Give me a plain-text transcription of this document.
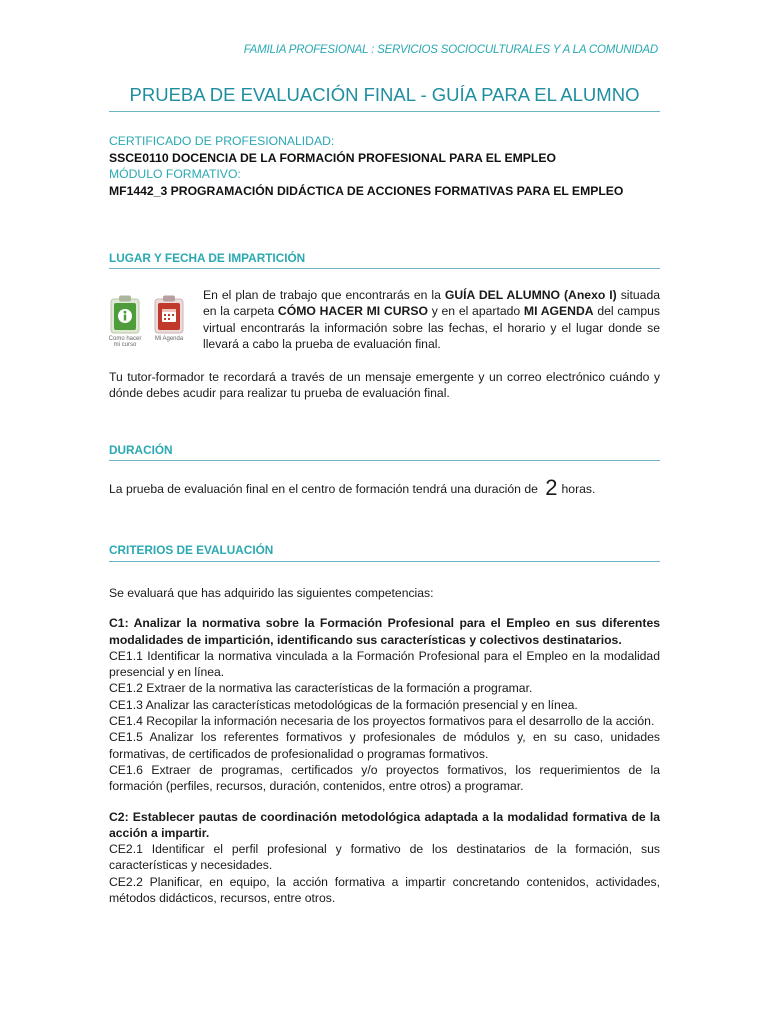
FAMILIA PROFESIONAL : SERVICIOS SOCIOCULTURALES Y A LA COMUNIDAD
PRUEBA DE EVALUACIÓN FINAL - GUÍA PARA EL ALUMNO

CERTIFICADO DE PROFESIONALIDAD:

SSCE0110 DOCENCIA DE LA FORMACIÓN PROFESIONAL PARA EL EMPLEO

MÓDULO FORMATIVO:

MF1442_3 PROGRAMACIÓN DIDÁCTICA DE ACCIONES FORMATIVAS PARA EL EMPLEO

LUGAR Y FECHA DE IMPARTICIÓN
Como hacer mi curso
Mi Agenda

En el plan de trabajo que encontrarás en la GUÍA DEL ALUMNO (Anexo I) situada en la carpeta CÓMO HACER MI CURSO y en el apartado MI AGENDA del campus virtual encontrarás la información sobre las fechas, el horario y el lugar donde se llevará a cabo la prueba de evaluación final.

Tu tutor-formador te recordará a través de un mensaje emergente y un correo electrónico cuándo y dónde debes acudir para realizar tu prueba de evaluación final.

DURACIÓN

La prueba de evaluación final en el centro de formación tendrá una duración de 2 horas.

CRITERIOS DE EVALUACIÓN

Se evaluará que has adquirido las siguientes competencias:

C1: Analizar la normativa sobre la Formación Profesional para el Empleo en sus diferentes modalidades de impartición, identificando sus características y colectivos destinatarios.

CE1.1 Identificar la normativa vinculada a la Formación Profesional para el Empleo en la modalidad presencial y en línea.

CE1.2 Extraer de la normativa las características de la formación a programar.

CE1.3 Analizar las características metodológicas de la formación presencial y en línea.

CE1.4 Recopilar la información necesaria de los proyectos formativos para el desarrollo de la acción.

CE1.5 Analizar los referentes formativos y profesionales de módulos y, en su caso, unidades formativas, de certificados de profesionalidad o programas formativos.

CE1.6 Extraer de programas, certificados y/o proyectos formativos, los requerimientos de la formación (perfiles, recursos, duración, contenidos, entre otros) a programar.

C2: Establecer pautas de coordinación metodológica adaptada a la modalidad formativa de la acción a impartir.

CE2.1 Identificar el perfil profesional y formativo de los destinatarios de la formación, sus características y necesidades.

CE2.2 Planificar, en equipo, la acción formativa a impartir concretando contenidos, actividades, métodos didácticos, recursos, entre otros.
